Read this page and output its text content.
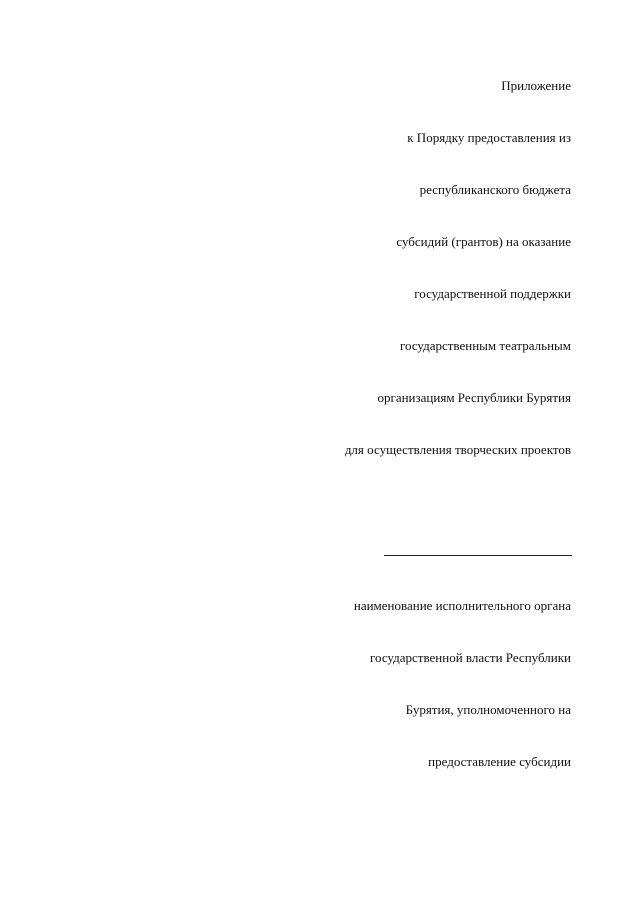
Приложение
к Порядку предоставления из
республиканского бюджета
субсидий (грантов) на оказание
государственной поддержки
государственным театральным
организациям Республики Бурятия
для осуществления творческих проектов
наименование исполнительного органа
государственной власти Республики
Бурятия, уполномоченного на
предоставление субсидии
